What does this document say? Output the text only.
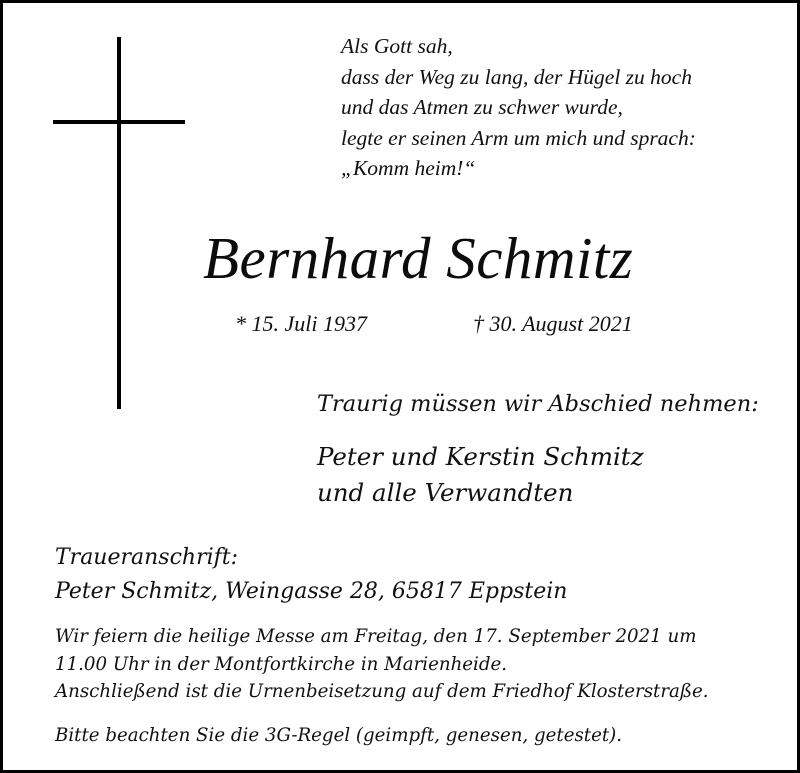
Als Gott sah,
dass der Weg zu lang, der Hügel zu hoch
und das Atmen zu schwer wurde,
legte er seinen Arm um mich und sprach:
„Komm heim!“
Bernhard Schmitz
* 15. Juli 1937	† 30. August 2021
Traurig müssen wir Abschied nehmen:
Peter und Kerstin Schmitz
und alle Verwandten
Traueranschrift:
Peter Schmitz, Weingasse 28, 65817 Eppstein
Wir feiern die heilige Messe am Freitag, den 17. September 2021 um
11.00 Uhr in der Montfortkirche in Marienheide.
Anschließend ist die Urnenbeisetzung auf dem Friedhof Klosterstraße.
Bitte beachten Sie die 3G-Regel (geimpft, genesen, getestet).
